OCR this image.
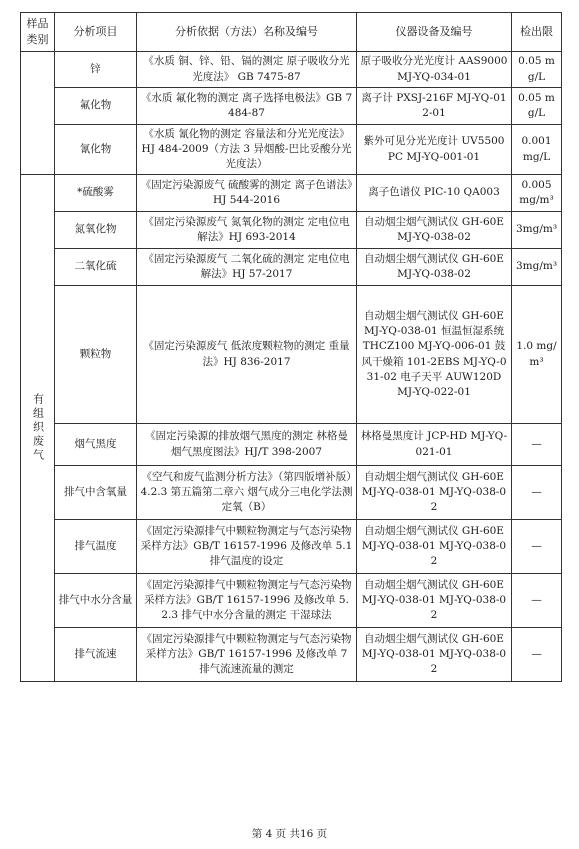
样品类别	分析项目	分析依据（方法）名称及编号	仪器设备及编号	检出限
	锌	《水质 铜、锌、铅、镉的测定 原子吸收分光光度法》 GB 7475-87	原子吸收分光光度计 AAS9000 MJ-YQ-034-01	0.05 mg/L
	氟化物	《水质 氟化物的测定 离子选择电极法》GB 7484-87	离子计 PXSJ-216F MJ-YQ-012-01	0.05 mg/L
	氰化物	《水质 氰化物的测定 容量法和分光光度法》HJ 484-2009（方法 3 异烟酸-巴比妥酸分光光度法）	紫外可见分光光度计 UV5500PC MJ-YQ-001-01	0.001 mg/L

有组织废气	*硫酸雾	《固定污染源废气 硫酸雾的测定 离子色谱法》HJ 544-2016	离子色谱仪 PIC-10 QA003	0.005 mg/m³
	氮氧化物	《固定污染源废气 氮氧化物的测定 定电位电解法》HJ 693-2014	自动烟尘烟气测试仪 GH-60E MJ-YQ-038-02	3mg/m³
	二氧化硫	《固定污染源废气 二氧化硫的测定 定电位电解法》HJ 57-2017	自动烟尘烟气测试仪 GH-60E MJ-YQ-038-02	3mg/m³
	颗粒物	《固定污染源废气 低浓度颗粒物的测定 重量法》HJ 836-2017	自动烟尘烟气测试仪 GH-60E MJ-YQ-038-01 恒温恒湿系统 THCZ100 MJ-YQ-006-01 鼓风干燥箱 101-2EBS MJ-YQ-031-02 电子天平 AUW120D MJ-YQ-022-01	1.0 mg/m³
	烟气黑度	《固定污染源的排放烟气黑度的测定 林格曼烟气黑度图法》HJ/T 398-2007	林格曼黑度计 JCP-HD MJ-YQ-021-01	—
	排气中含氧量	《空气和废气监测分析方法》（第四版增补版）4.2.3 第五篇第二章六 烟气成分三电化学法测定氧（B）	自动烟尘烟气测试仪 GH-60E MJ-YQ-038-01 MJ-YQ-038-02	—
	排气温度	《固定污染源排气中颗粒物测定与气态污染物采样方法》GB/T 16157-1996 及修改单 5.1 排气温度的设定	自动烟尘烟气测试仪 GH-60E MJ-YQ-038-01 MJ-YQ-038-02	—
	排气中水分含量	《固定污染源排气中颗粒物测定与气态污染物采样方法》GB/T 16157-1996 及修改单 5.2.3 排气中水分含量的测定 干湿球法	自动烟尘烟气测试仪 GH-60E MJ-YQ-038-01 MJ-YQ-038-02	—
	排气流速	《固定污染源排气中颗粒物测定与气态污染物采样方法》GB/T 16157-1996 及修改单 7 排气流速流量的测定	自动烟尘烟气测试仪 GH-60E MJ-YQ-038-01 MJ-YQ-038-02	—
第 4 页 共16 页
